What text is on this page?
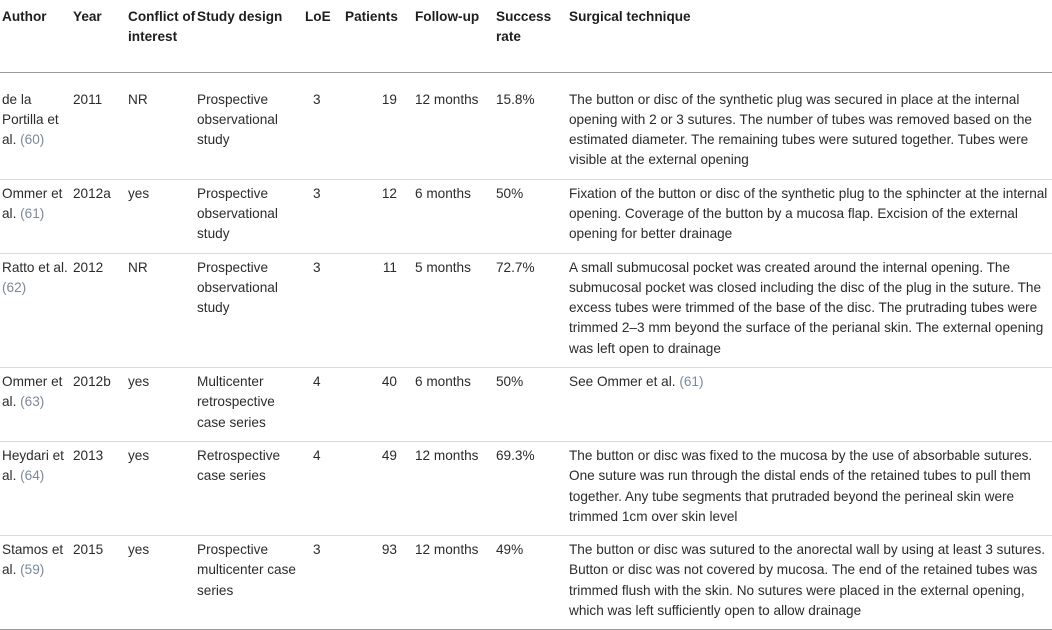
Author	Year	Conflict of interest	Study design	LoE	Patients	Follow-up	Success rate	Surgical technique
de la Portilla et al. (60)	2011	NR	Prospective observational study	3	19	12 months	15.8%	The button or disc of the synthetic plug was secured in place at the internal opening with 2 or 3 sutures. The number of tubes was removed based on the estimated diameter. The remaining tubes were sutured together. Tubes were visible at the external opening
Ommer et al. (61)	2012a	yes	Prospective observational study	3	12	6 months	50%	Fixation of the button or disc of the synthetic plug to the sphincter at the internal opening. Coverage of the button by a mucosa flap. Excision of the external opening for better drainage
Ratto et al. (62)	2012	NR	Prospective observational study	3	11	5 months	72.7%	A small submucosal pocket was created around the internal opening. The submucosal pocket was closed including the disc of the plug in the suture. The excess tubes were trimmed of the base of the disc. The prutrading tubes were trimmed 2–3 mm beyond the surface of the perianal skin. The external opening was left open to drainage
Ommer et al. (63)	2012b	yes	Multicenter retrospective case series	4	40	6 months	50%	See Ommer et al. (61)
Heydari et al. (64)	2013	yes	Retrospective case series	4	49	12 months	69.3%	The button or disc was fixed to the mucosa by the use of absorbable sutures. One suture was run through the distal ends of the retained tubes to pull them together. Any tube segments that prutraded beyond the perineal skin were trimmed 1cm over skin level
Stamos et al. (59)	2015	yes	Prospective multicenter case series	3	93	12 months	49%	The button or disc was sutured to the anorectal wall by using at least 3 sutures. Button or disc was not covered by mucosa. The end of the retained tubes was trimmed flush with the skin. No sutures were placed in the external opening, which was left sufficiently open to allow drainage
